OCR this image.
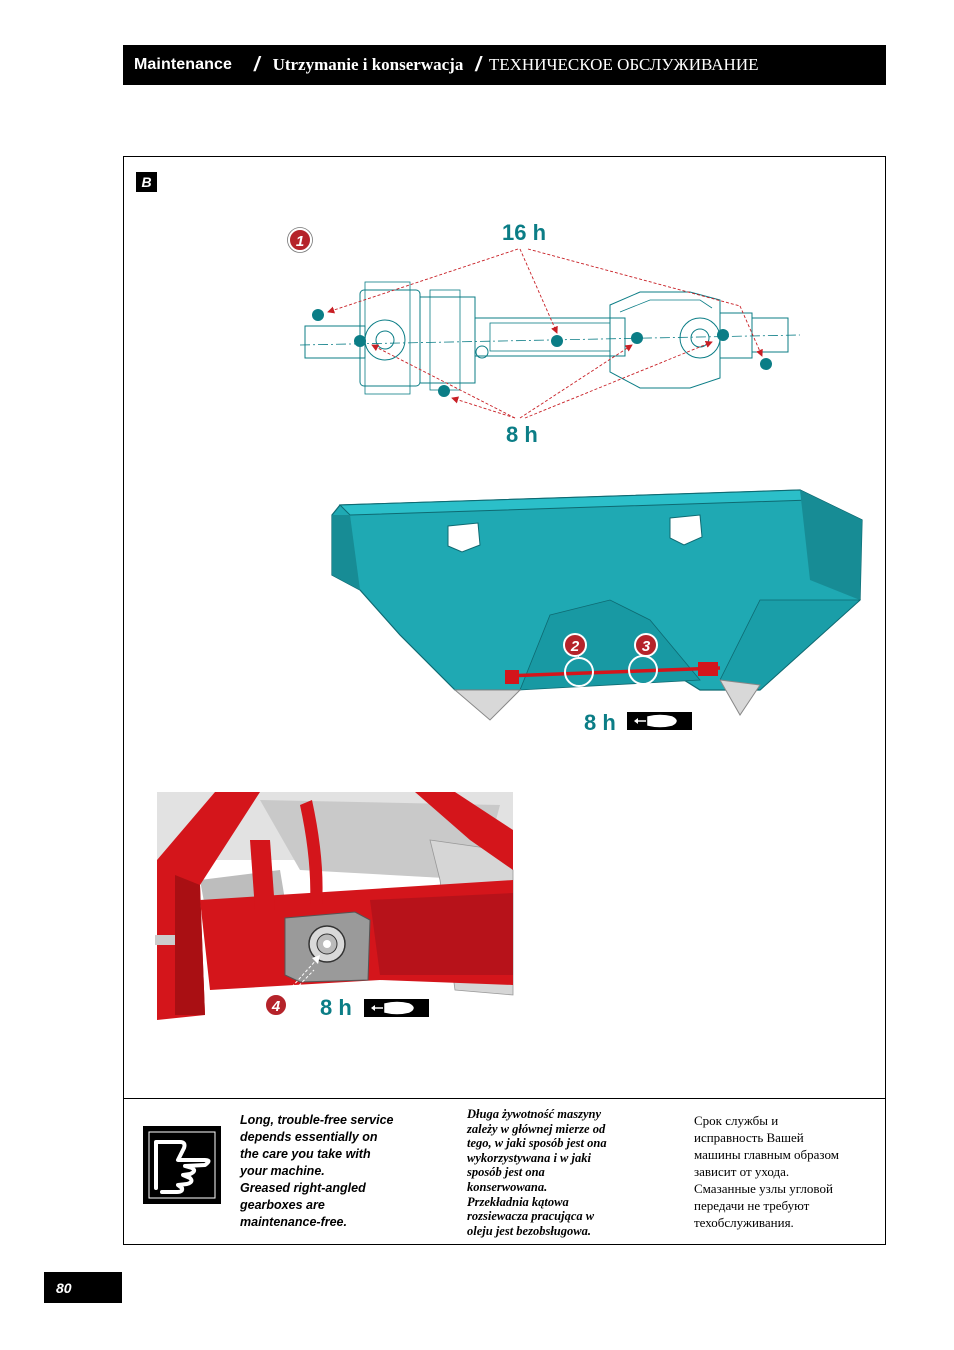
Maintenance / Utrzymanie i konserwacja / ТЕХНИЧЕСКОЕ ОБСЛУЖИВАНИЕ
B
1	16 h
8 h
2	3
8 h
4 8 h

Long, trouble-free service

depends essentially on

the care you take with

your machine.

Greased right-angled

gearboxes are

maintenance-free.

Długa żywotność maszyny

zależy w głównej mierze od

tego, w jaki sposób jest ona

wykorzystywana i w jaki

sposób jest ona

konserwowana.

Przekładnia kątowa

rozsiewacza pracująca w

oleju jest bezobsługowa.

Срок службы и

исправность Вашей

машины главным образом

зависит от ухода.

Смазанные узлы угловой

передачи не требуют

техобслуживания.

80
